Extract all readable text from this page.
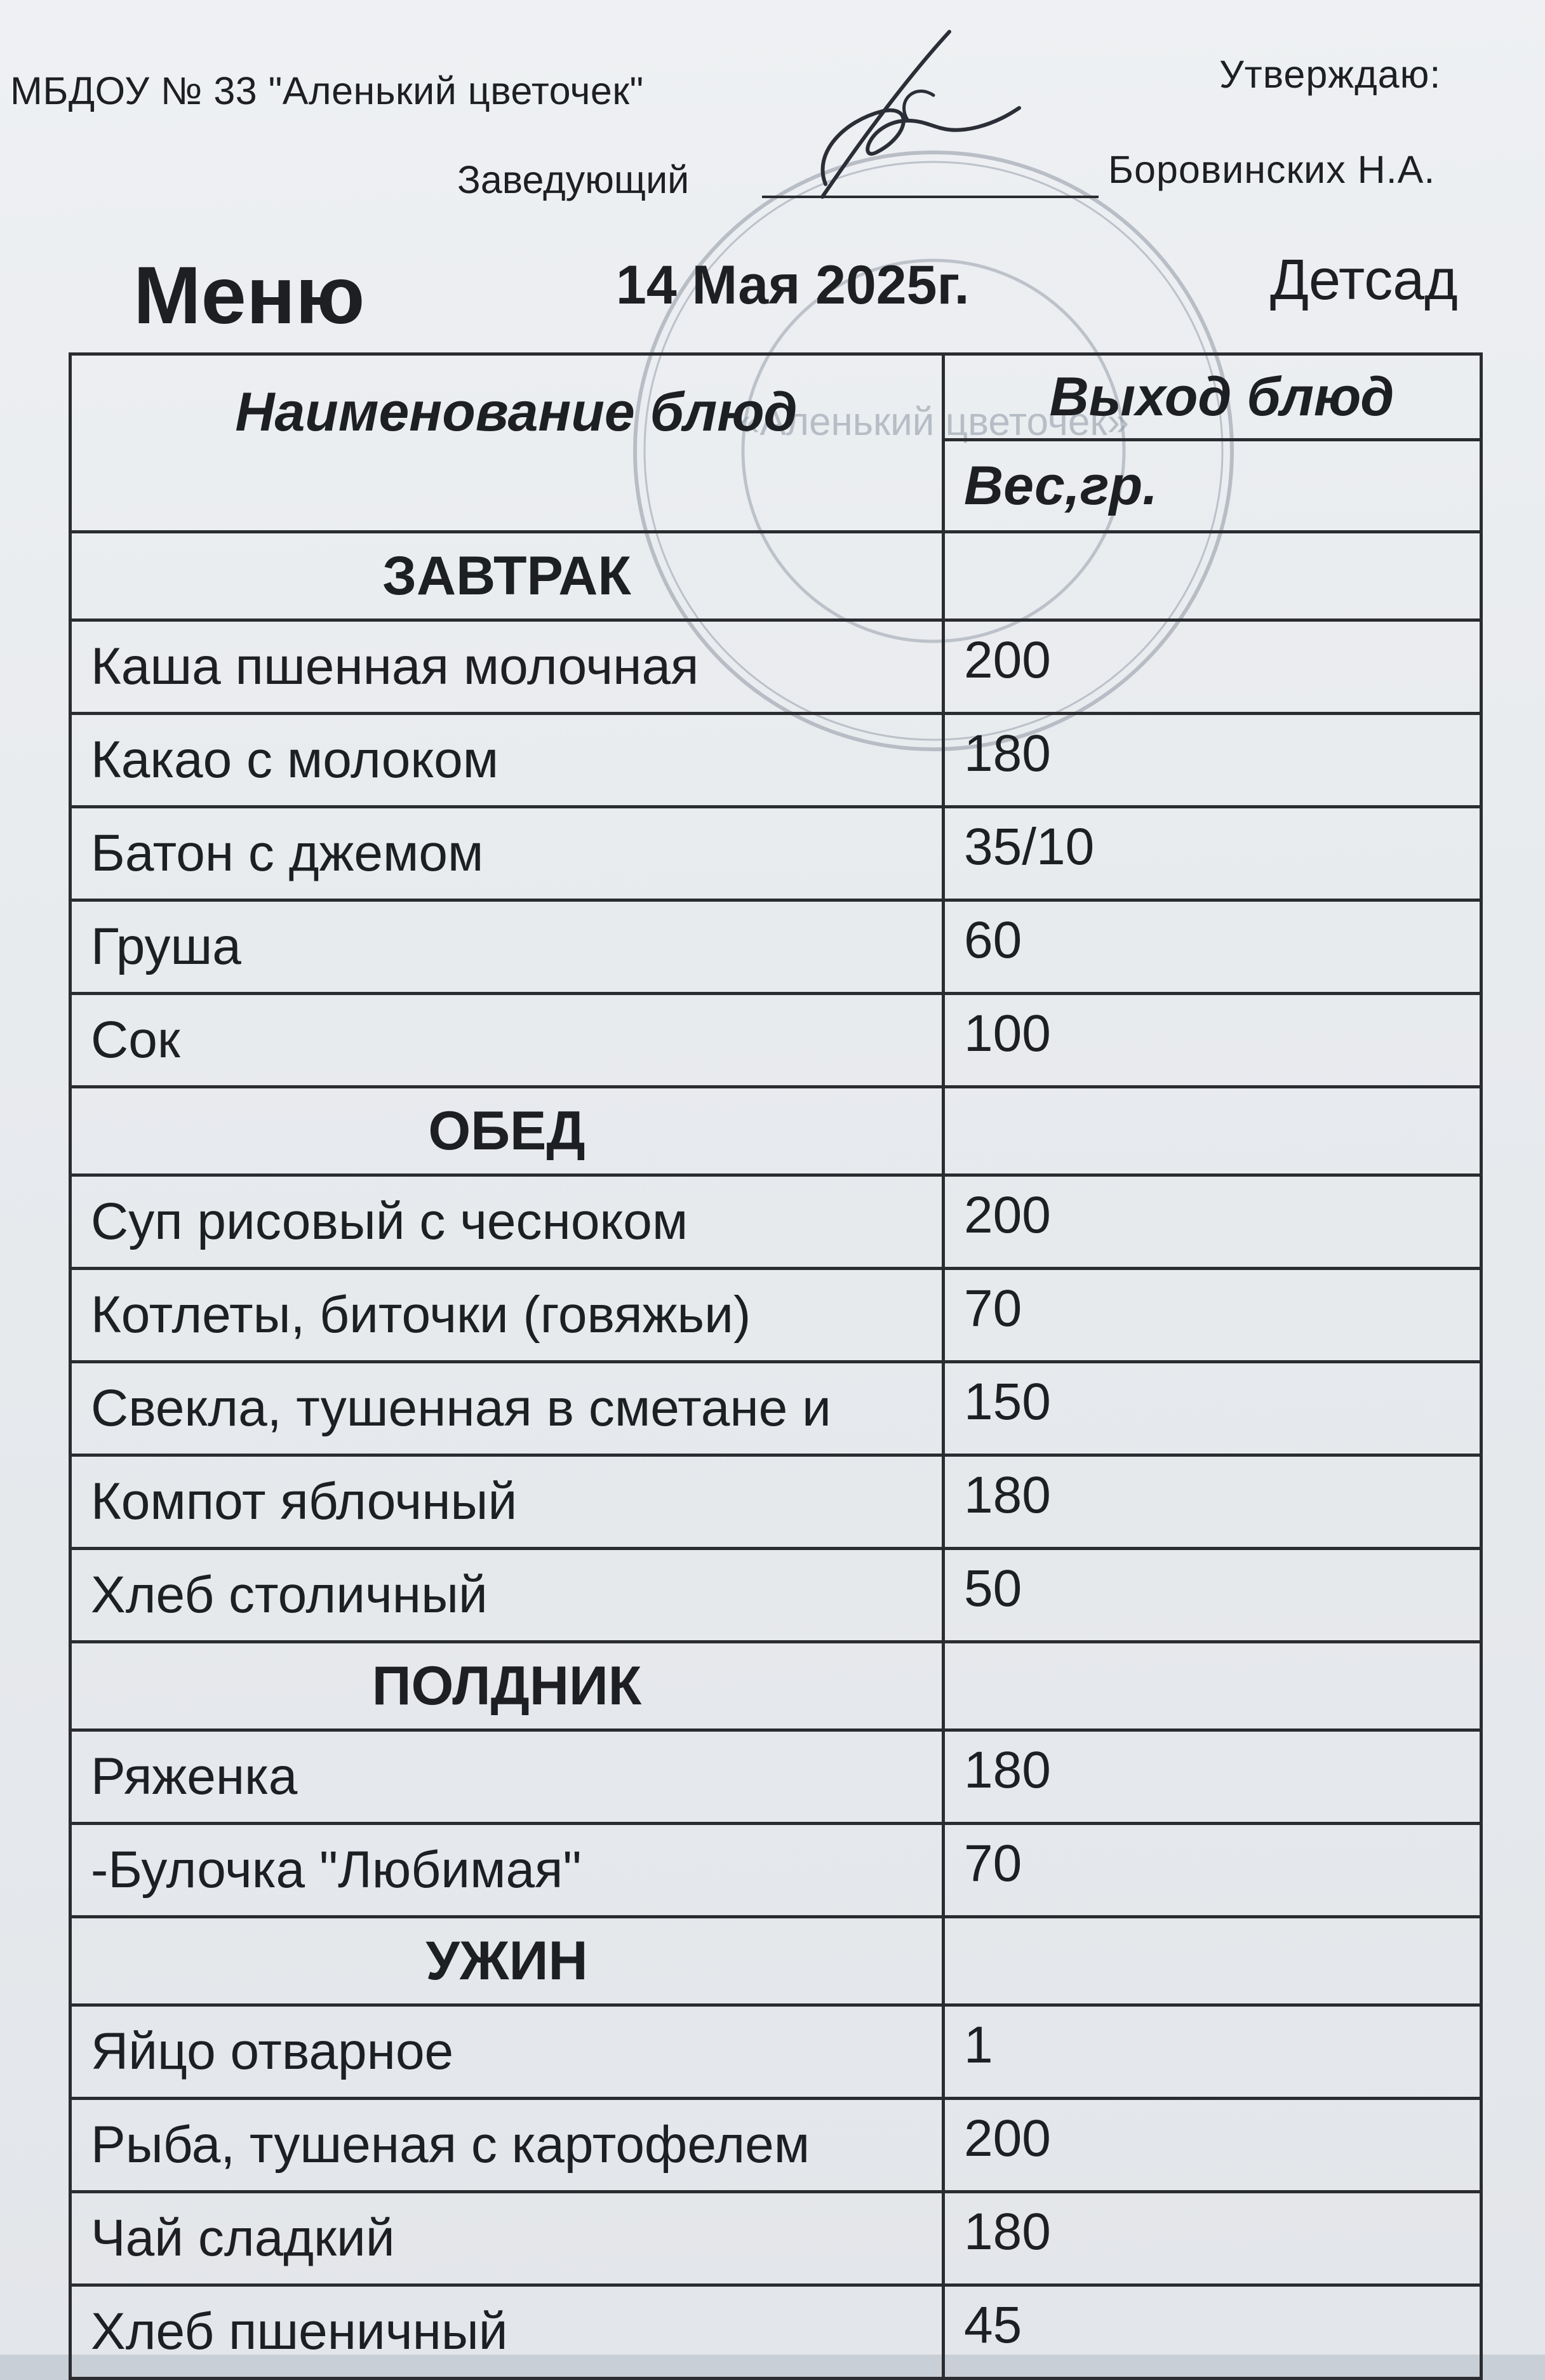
«Аленький цветочек»
МБДОУ № 33 "Аленький цветочек"	Утверждаю:
Заведующий	Боровинских Н.А.
Меню	14 Мая 2025г.	Детсад
Наименование блюд	Выход блюд
	Вес,гр.
ЗАВТРАК	
Каша пшенная молочная	200
Какао с молоком	180
Батон с джемом	35/10
Груша	60
Сок	100
ОБЕД	
Суп рисовый с чесноком	200
Котлеты, биточки (говяжьи)	70
Свекла, тушенная в сметане и	150
Компот яблочный	180
Хлеб столичный	50
ПОЛДНИК	
Ряженка	180
-Булочка "Любимая"	70
УЖИН	
Яйцо отварное	1
Рыба, тушеная с картофелем	200
Чай сладкий	180
Хлеб пшеничный	45
